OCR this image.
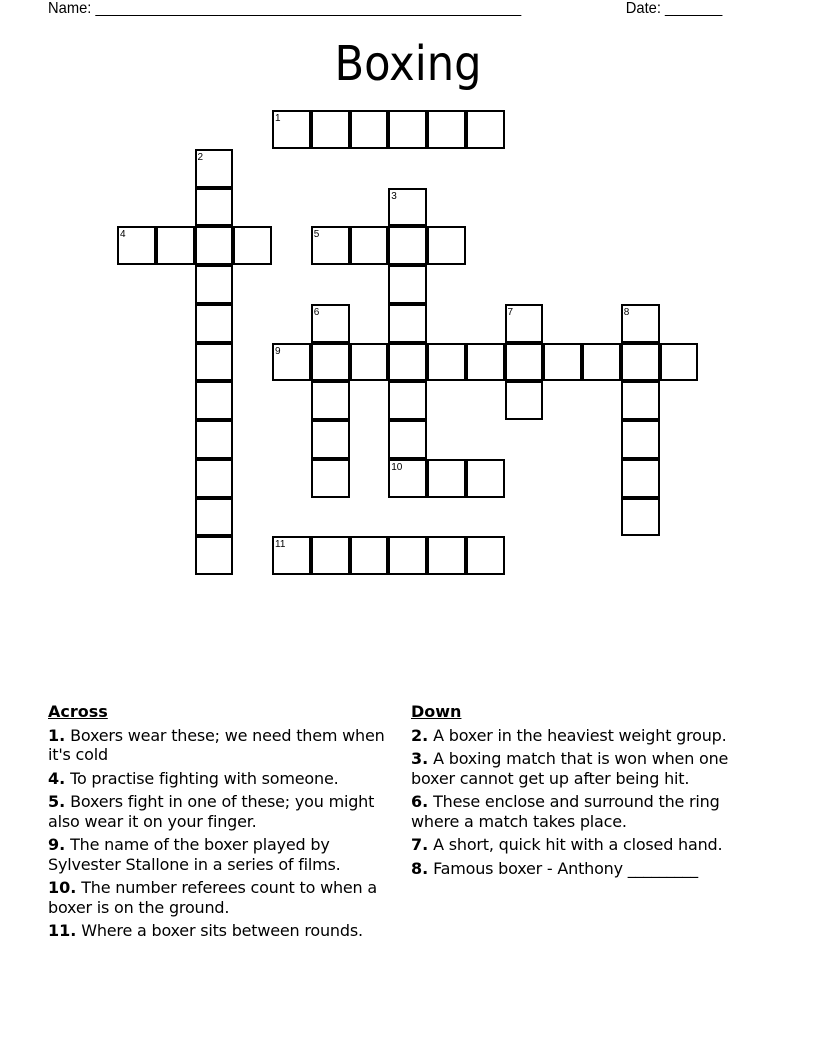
Name: ____________________________________________________	Date: _______
Boxing
1
2
3
10
4	5
6	7	8
9
11
Across
1. Boxers wear these; we need them when it's cold
4. To practise fighting with someone.
5. Boxers fight in one of these; you might also wear it on your finger.
9. The name of the boxer played by Sylvester Stallone in a series of films.
10. The number referees count to when a boxer is on the ground.
11. Where a boxer sits between rounds.
Down
2. A boxer in the heaviest weight group.
3. A boxing match that is won when one boxer cannot get up after being hit.
6. These enclose and surround the ring where a match takes place.
7. A short, quick hit with a closed hand.
8. Famous boxer - Anthony _________
